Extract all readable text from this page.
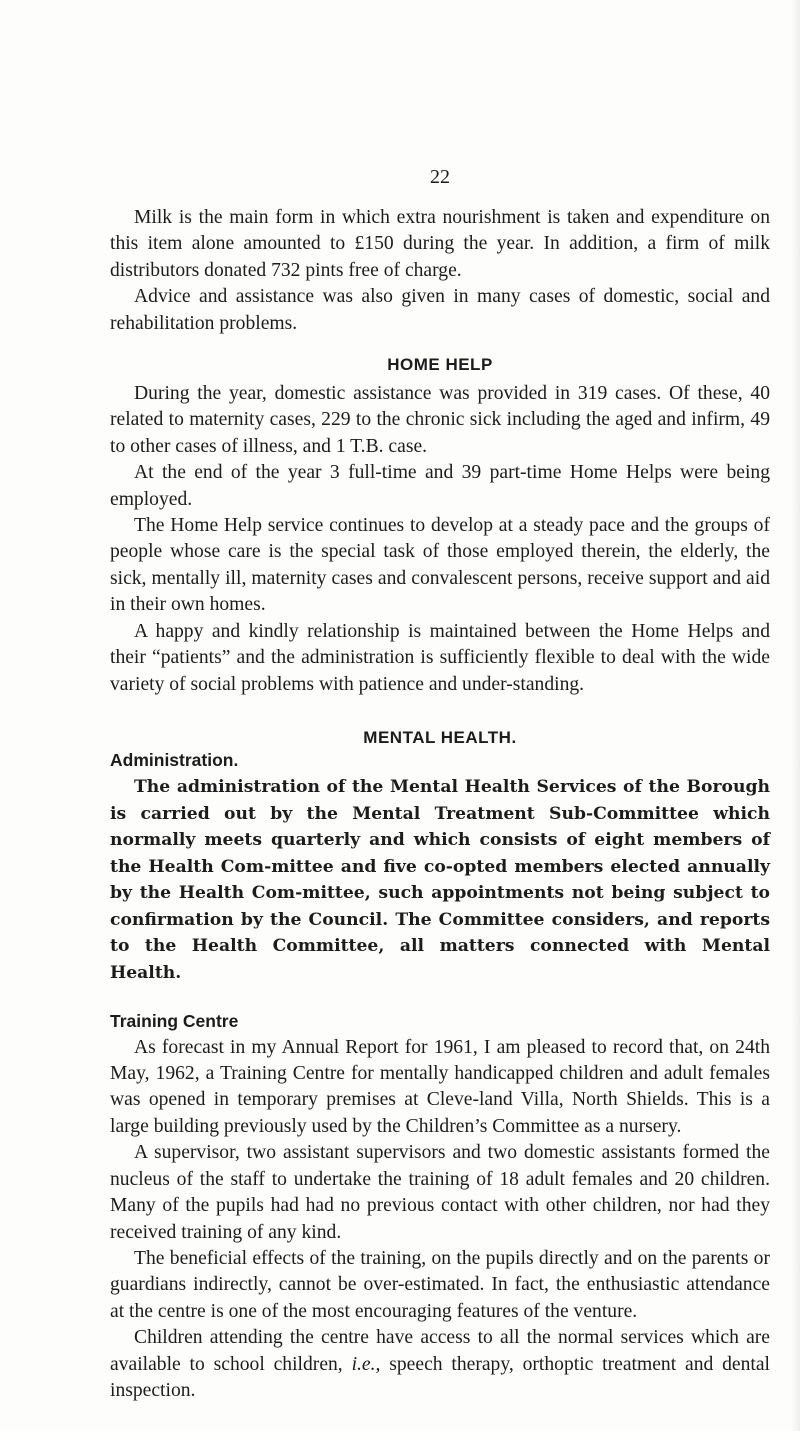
22

Milk is the main form in which extra nourishment is taken and expenditure on this item alone amounted to £150 during the year. In addition, a firm of milk distributors donated 732 pints free of charge.

Advice and assistance was also given in many cases of domestic, social and rehabilitation problems.

HOME HELP

During the year, domestic assistance was provided in 319 cases. Of these, 40 related to maternity cases, 229 to the chronic sick including the aged and infirm, 49 to other cases of illness, and 1 T.B. case.

At the end of the year 3 full-time and 39 part-time Home Helps were being employed.

The Home Help service continues to develop at a steady pace and the groups of people whose care is the special task of those employed therein, the elderly, the sick, mentally ill, maternity cases and convalescent persons, receive support and aid in their own homes.

A happy and kindly relationship is maintained between the Home Helps and their “patients” and the administration is sufficiently flexible to deal with the wide variety of social problems with patience and under-standing.

MENTAL HEALTH.
Administration.

The administration of the Mental Health Services of the Borough is carried out by the Mental Treatment Sub-Committee which normally meets quarterly and which consists of eight members of the Health Com-mittee and five co-opted members elected annually by the Health Com-mittee, such appointments not being subject to confirmation by the Council. The Committee considers, and reports to the Health Committee, all matters connected with Mental Health.

Training Centre

As forecast in my Annual Report for 1961, I am pleased to record that, on 24th May, 1962, a Training Centre for mentally handicapped children and adult females was opened in temporary premises at Cleve-land Villa, North Shields. This is a large building previously used by the Children’s Committee as a nursery.

A supervisor, two assistant supervisors and two domestic assistants formed the nucleus of the staff to undertake the training of 18 adult females and 20 children. Many of the pupils had had no previous contact with other children, nor had they received training of any kind.

The beneficial effects of the training, on the pupils directly and on the parents or guardians indirectly, cannot be over-estimated. In fact, the enthusiastic attendance at the centre is one of the most encouraging features of the venture.

Children attending the centre have access to all the normal services which are available to school children, i.e., speech therapy, orthoptic treatment and dental inspection.
